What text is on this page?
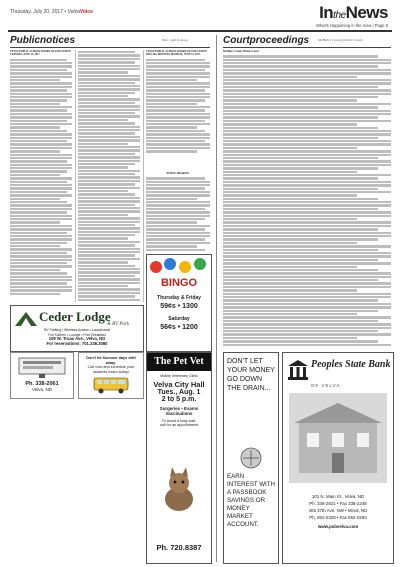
Thursday, July 20, 2017 • VelvaVoice	IntheNews
What's Happening in the Area | Page 5
Publicnotices	Your right to know	Courtproceedings	McHenry County District Court
VELVA PUBLIC SCHOOL BOARD OF EDUCATION TUESDAY, JUNE 13, 2017
VELVA PUBLIC SCHOOL BOARD OF EDUCATION SPECIAL MEETING MONDAY, JUNE 19, 2017
PUBLIC HEARING
McHenry County District Court
Ceder Lodge
& RV Park
RV Parking • Wireless Access • Laundromat
Full Kitchen • Lounge • Free Breakfast
109 W. Truax Ave., Velva, ND
For reservations: 701.338.3080
Ph. 338-2061
Velva, ND
Don't let Summer days drift away.
Call now and schedule your
students exam today!
BINGO
Thursday & Friday
59¢s • 1300
Saturday
56¢s • 1200
The Pet Vet
Mobile Veterinary Clinic
Velva City Hall
Tues., Aug. 1
2 to 5 p.m.
Surgeries • Exams
Vaccinations
To avoid a long wait,
call for an appointment
Ph. 720.8387
DON'T LET YOUR MONEY GO DOWN THE DRAIN...
EARN INTEREST WITH A PASSBOOK SAVINGS OR MONEY MARKET ACCOUNT.
Peoples State Bank
OF VELVA
101 N. Main St., Velva, ND
Ph. 338-2821 • Fax 338-2248
405 37th Ave. NW • Minot, ND
Ph. 852-0328 • Fax 852-0283
www.psbvelva.com
